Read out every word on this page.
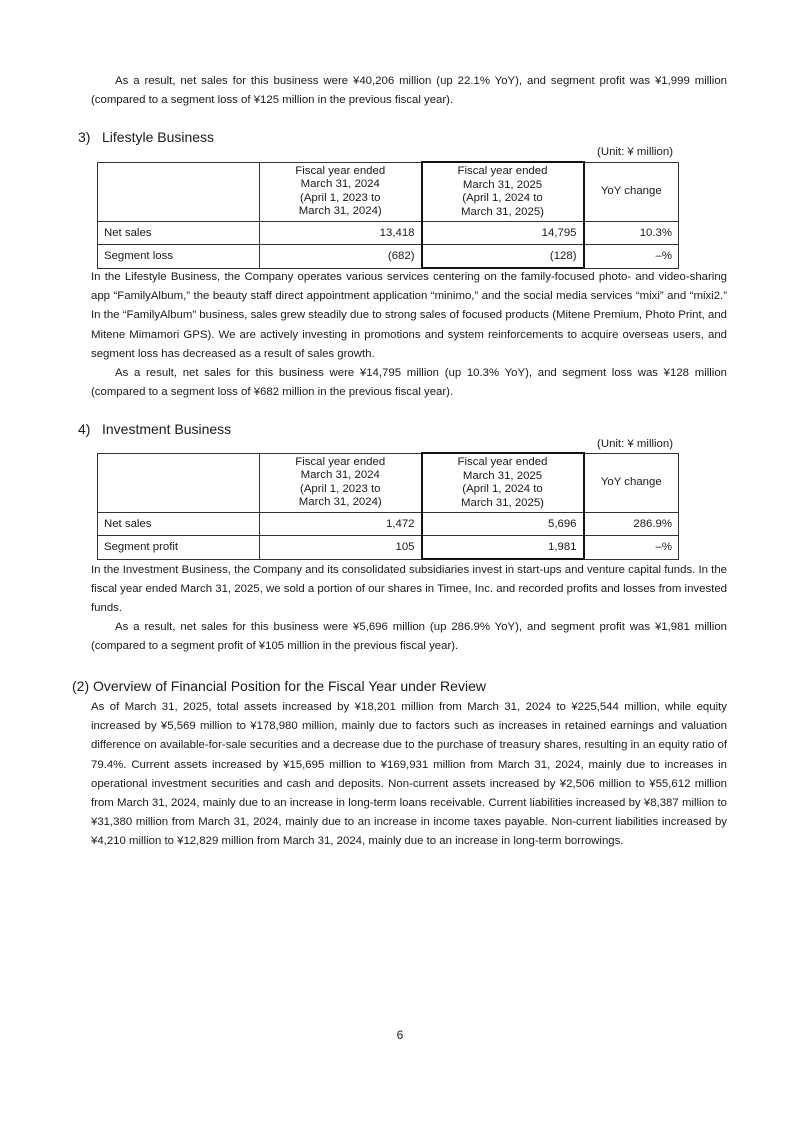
As a result, net sales for this business were ¥40,206 million (up 22.1% YoY), and segment profit was ¥1,999 million (compared to a segment loss of ¥125 million in the previous fiscal year).

3) Lifestyle Business
(Unit: ¥ million)
	Fiscal year ended
March 31, 2024
(April 1, 2023 to
March 31, 2024)	Fiscal year ended
March 31, 2025
(April 1, 2024 to
March 31, 2025)	YoY change
Net sales	13,418	14,795	10.3%
Segment loss	(682)	(128)	–%

In the Lifestyle Business, the Company operates various services centering on the family-focused photo- and video-sharing app “FamilyAlbum,” the beauty staff direct appointment application “minimo,” and the social media services “mixi” and “mixi2.” In the “FamilyAlbum” business, sales grew steadily due to strong sales of focused products (Mitene Premium, Photo Print, and Mitene Mimamori GPS). We are actively investing in promotions and system reinforcements to acquire overseas users, and segment loss has decreased as a result of sales growth.

As a result, net sales for this business were ¥14,795 million (up 10.3% YoY), and segment loss was ¥128 million (compared to a segment loss of ¥682 million in the previous fiscal year).

4) Investment Business
(Unit: ¥ million)
	Fiscal year ended
March 31, 2024
(April 1, 2023 to
March 31, 2024)	Fiscal year ended
March 31, 2025
(April 1, 2024 to
March 31, 2025)	YoY change
Net sales	1,472	5,696	286.9%
Segment profit	105	1,981	–%

In the Investment Business, the Company and its consolidated subsidiaries invest in start-ups and venture capital funds. In the fiscal year ended March 31, 2025, we sold a portion of our shares in Timee, Inc. and recorded profits and losses from invested funds.

As a result, net sales for this business were ¥5,696 million (up 286.9% YoY), and segment profit was ¥1,981 million (compared to a segment profit of ¥105 million in the previous fiscal year).

(2) Overview of Financial Position for the Fiscal Year under Review

As of March 31, 2025, total assets increased by ¥18,201 million from March 31, 2024 to ¥225,544 million, while equity increased by ¥5,569 million to ¥178,980 million, mainly due to factors such as increases in retained earnings and valuation difference on available-for-sale securities and a decrease due to the purchase of treasury shares, resulting in an equity ratio of 79.4%. Current assets increased by ¥15,695 million to ¥169,931 million from March 31, 2024, mainly due to increases in operational investment securities and cash and deposits. Non-current assets increased by ¥2,506 million to ¥55,612 million from March 31, 2024, mainly due to an increase in long-term loans receivable. Current liabilities increased by ¥8,387 million to ¥31,380 million from March 31, 2024, mainly due to an increase in income taxes payable. Non-current liabilities increased by ¥4,210 million to ¥12,829 million from March 31, 2024, mainly due to an increase in long-term borrowings.

6
